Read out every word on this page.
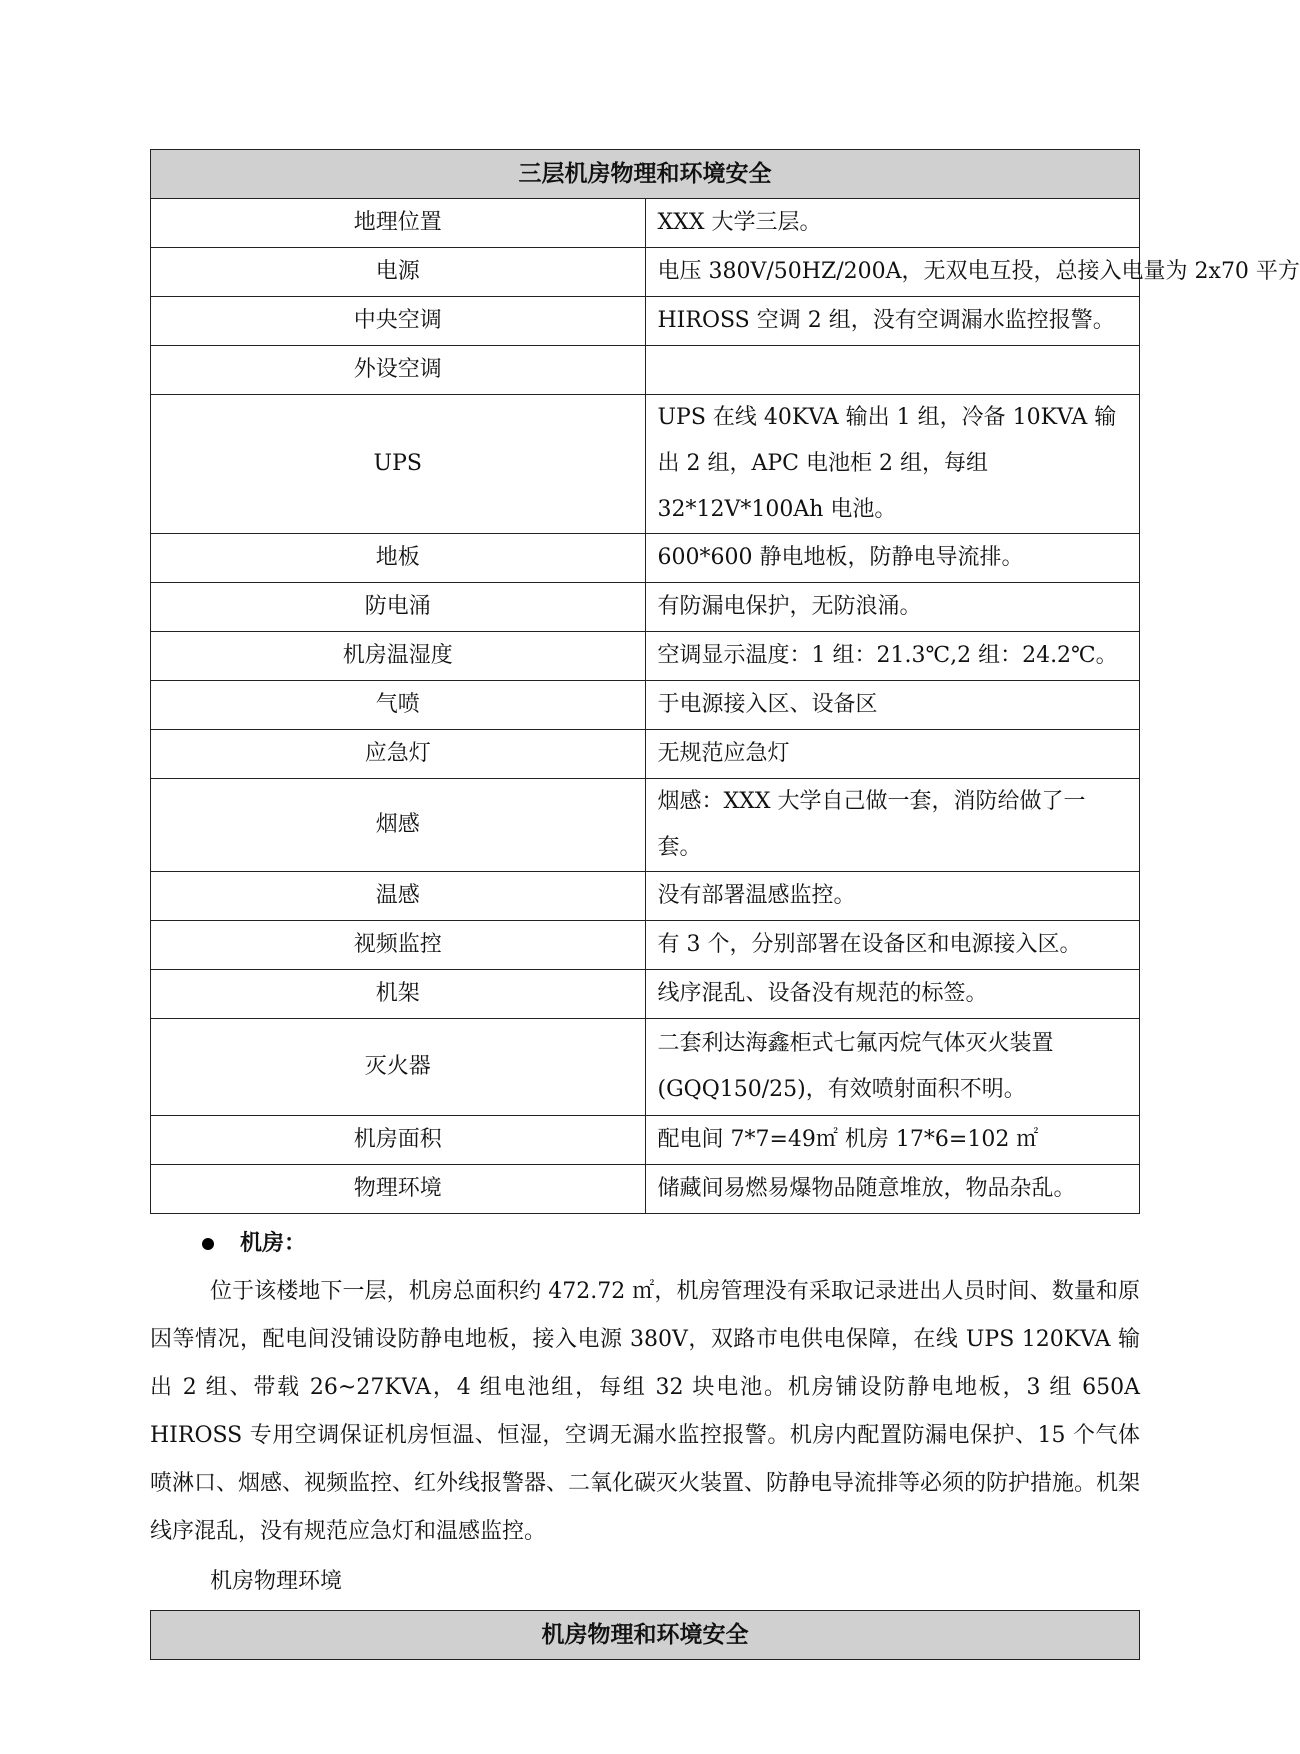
三层机房物理和环境安全	
地理位置	XXX 大学三层。
电源	电压 380V/50HZ/200A，无双电互投，总接入电量为 2x70 平方
中央空调	HIROSS 空调 2 组，没有空调漏水监控报警。
外设空调	
UPS	UPS 在线 40KVA 输出 1 组，冷备 10KVA 输出 2 组，APC 电池柜 2 组，每组 32*12V*100Ah 电池。
地板	600*600 静电地板，防静电导流排。
防电涌	有防漏电保护，无防浪涌。
机房温湿度	空调显示温度：1 组：21.3℃,2 组：24.2℃。
气喷	于电源接入区、设备区
应急灯	无规范应急灯
烟感	烟感：XXX 大学自己做一套，消防给做了一套。
温感	没有部署温感监控。
视频监控	有 3 个，分别部署在设备区和电源接入区。
机架	线序混乱、设备没有规范的标签。
灭火器	二套利达海鑫柜式七氟丙烷气体灭火装置(GQQ150/25)，有效喷射面积不明。
机房面积	配电间 7*7=49㎡ 机房 17*6=102 ㎡
物理环境	储藏间易燃易爆物品随意堆放，物品杂乱。
机房：

位于该楼地下一层，机房总面积约 472.72 ㎡，机房管理没有采取记录进出人员时间、数量和原因等情况，配电间没铺设防静电地板，接入电源 380V，双路市电供电保障，在线 UPS 120KVA 输出 2 组、带载 26~27KVA，4 组电池组，每组 32 块电池。机房铺设防静电地板，3 组 650A HIROSS 专用空调保证机房恒温、恒湿，空调无漏水监控报警。机房内配置防漏电保护、15 个气体喷淋口、烟感、视频监控、红外线报警器、二氧化碳灭火装置、防静电导流排等必须的防护措施。机架线序混乱，没有规范应急灯和温感监控。

机房物理环境
机房物理和环境安全
